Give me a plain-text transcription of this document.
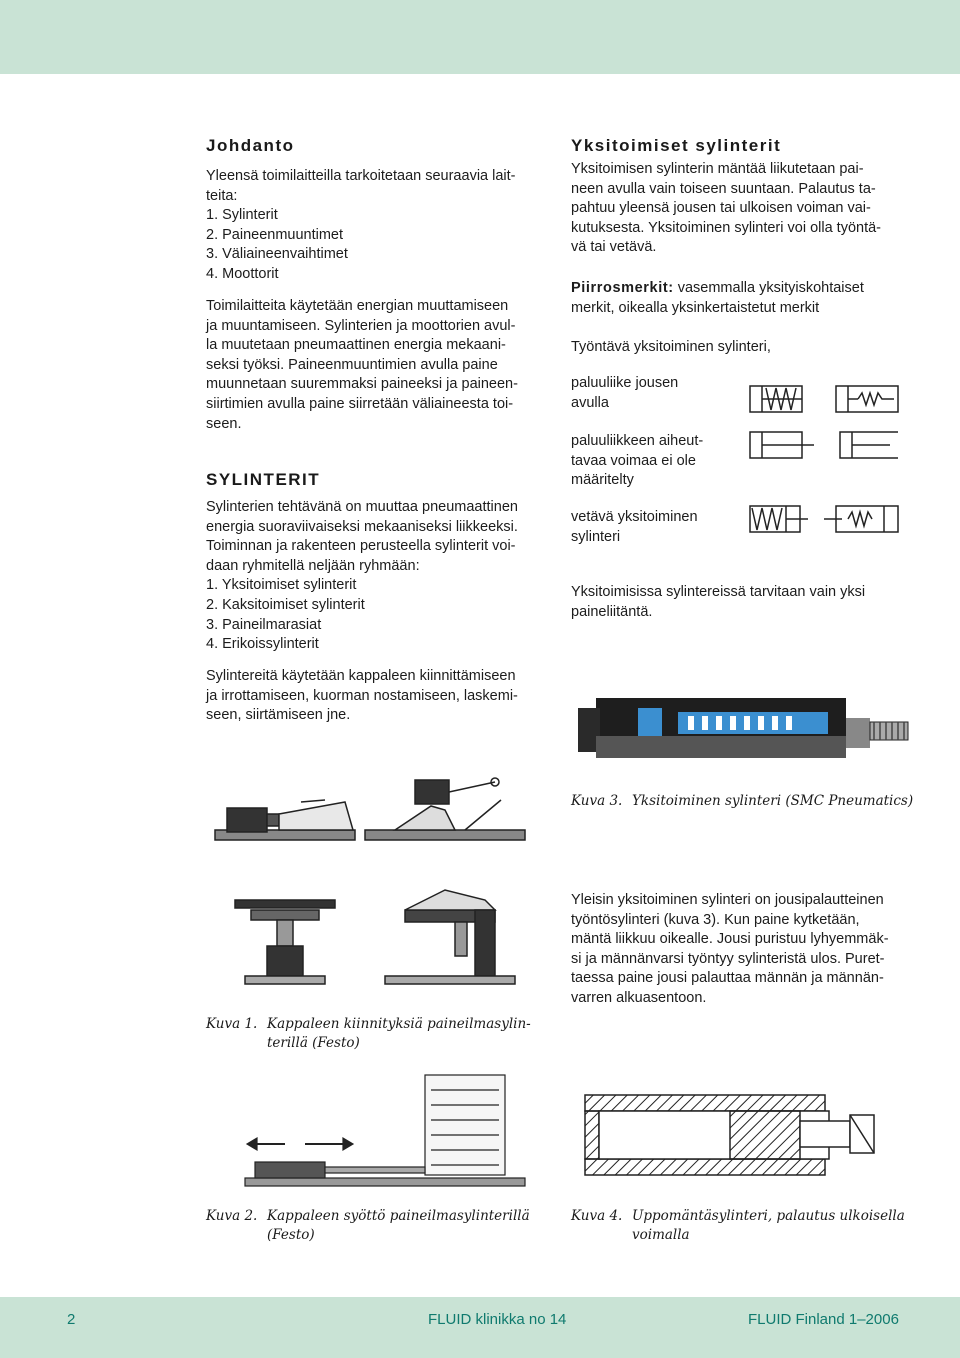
Johdanto

Yleensä toimilaitteilla tarkoitetaan seuraavia lait-
teita:
1. Sylinterit
2. Paineenmuuntimet
3. Väliaineenvaihtimet
4. Moottorit

Toimilaitteita käytetään energian muuttamiseen
ja muuntamiseen. Sylinterien ja moottorien avul-
la muutetaan pneumaattinen energia mekaani-
seksi työksi. Paineenmuuntimien avulla paine
muunnetaan suuremmaksi paineeksi ja paineen-
siirtimien avulla paine siirretään väliaineesta toi-
seen.

SYLINTERIT

Sylinterien tehtävänä on muuttaa pneumaattinen
energia suoraviivaiseksi mekaaniseksi liikkeeksi.
Toiminnan ja rakenteen perusteella sylinterit voi-
daan ryhmitellä neljään ryhmään:
1. Yksitoimiset sylinterit
2. Kaksitoimiset sylinterit
3. Paineilmarasiat
4. Erikoissylinterit

Sylintereitä käytetään kappaleen kiinnittämiseen
ja irrottamiseen, kuorman nostamiseen, laskemi-
seen, siirtämiseen jne.

Kuva 1. Kappaleen kiinnityksiä paineilmasylin-
terillä (Festo)
Kuva 2. Kappaleen syöttö paineilmasylinterillä
(Festo)
Yksitoimiset sylinterit

Yksitoimisen sylinterin mäntää liikutetaan pai-
neen avulla vain toiseen suuntaan. Palautus ta-
pahtuu yleensä jousen tai ulkoisen voiman vai-
kutuksesta. Yksitoiminen sylinteri voi olla työntä-
vä tai vetävä.

Piirrosmerkit: vasemmalla yksityiskohtaiset
merkit, oikealla yksinkertaistetut merkit

Työntävä yksitoiminen sylinteri,

paluuliike jousen
avulla

paluuliikkeen aiheut-
tavaa voimaa ei ole
määritelty

vetävä yksitoiminen
sylinteri

Yksitoimisissa sylintereissä tarvitaan vain yksi
paineliitäntä.

Kuva 3. Yksitoiminen sylinteri (SMC Pneumatics)

Yleisin yksitoiminen sylinteri on jousipalautteinen
työntösylinteri (kuva 3). Kun paine kytketään,
mäntä liikkuu oikealle. Jousi puristuu lyhyemmäk-
si ja männänvarsi työntyy sylinteristä ulos. Puret-
taessa paine jousi palauttaa männän ja männän-
varren alkuasentoon.

Kuva 4. Uppomäntäsylinteri, palautus ulkoisella
voimalla
2	FLUID klinikka no 14	FLUID Finland 1–2006
